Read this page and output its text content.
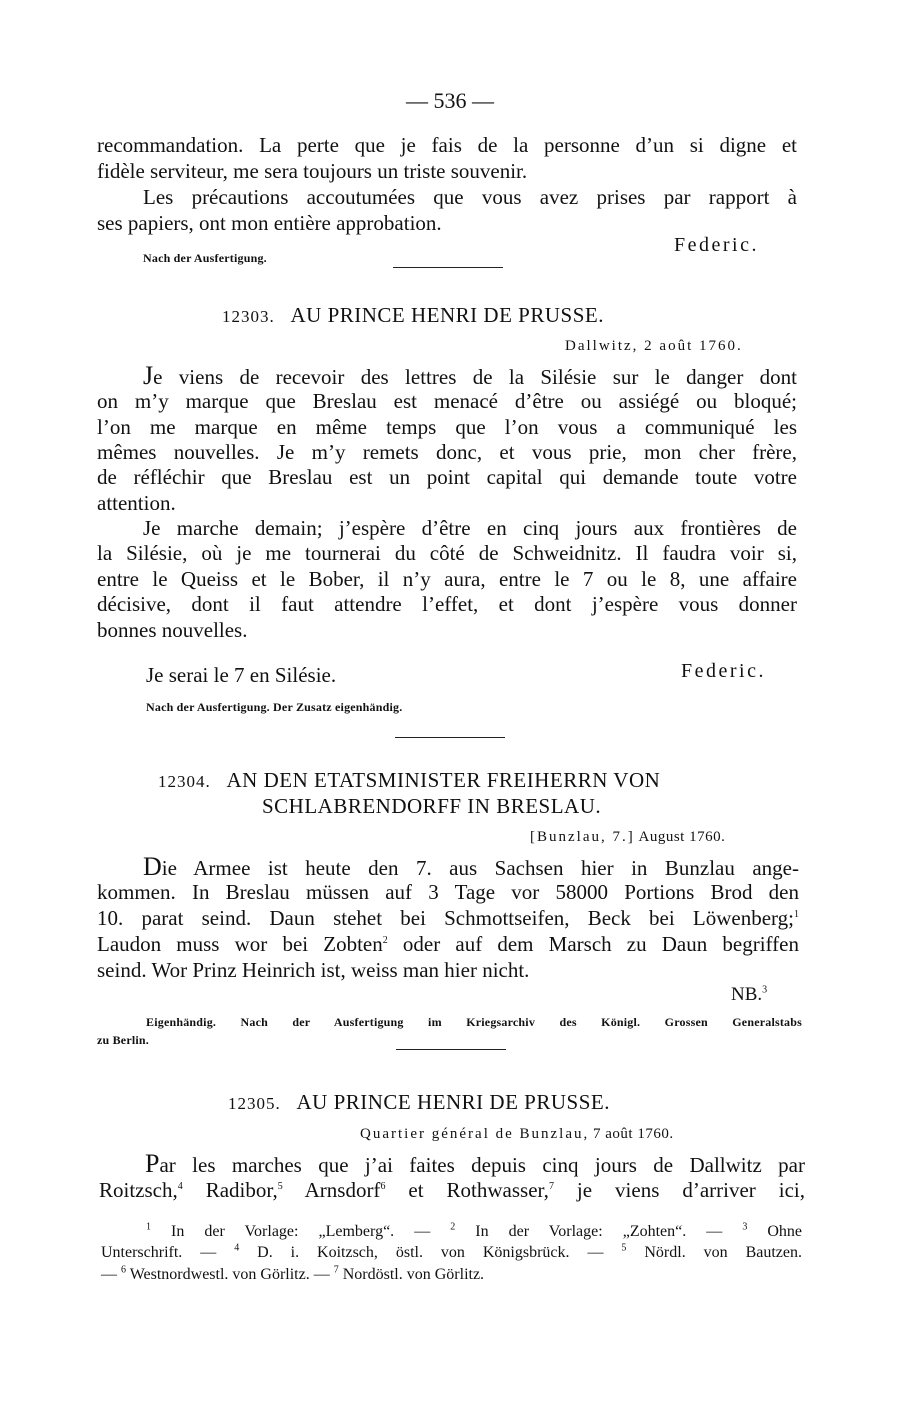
— 536 —
recommandation. La perte que je fais de la personne d’un si digne et
fidèle serviteur, me sera toujours un triste souvenir.
Les précautions accoutumées que vous avez prises par rapport à
ses papiers, ont mon entière approbation.
Nach der Ausfertigung.
Federic.
12303. AU PRINCE HENRI DE PRUSSE.
Dallwitz, 2 août 1760.
Je viens de recevoir des lettres de la Silésie sur le danger dont
on m’y marque que Breslau est menacé d’être ou assiégé ou bloqué;
l’on me marque en même temps que l’on vous a communiqué les
mêmes nouvelles. Je m’y remets donc, et vous prie, mon cher frère,
de réfléchir que Breslau est un point capital qui demande toute votre
attention.
Je marche demain; j’espère d’être en cinq jours aux frontières de
la Silésie, où je me tournerai du côté de Schweidnitz. Il faudra voir si,
entre le Queiss et le Bober, il n’y aura, entre le 7 ou le 8, une affaire
décisive, dont il faut attendre l’effet, et dont j’espère vous donner
bonnes nouvelles.
Je serai le 7 en Silésie.	Federic.
Nach der Ausfertigung. Der Zusatz eigenhändig.
12304. AN DEN ETATSMINISTER FREIHERRN VON
SCHLABRENDORFF IN BRESLAU.
[Bunzlau, 7.] August 1760.
Die Armee ist heute den 7. aus Sachsen hier in Bunzlau ange-
kommen. In Breslau müssen auf 3 Tage vor 58000 Portions Brod den
10. parat seind. Daun stehet bei Schmottseifen, Beck bei Löwenberg;$^1$
Laudon muss wor bei Zobten$^2$ oder auf dem Marsch zu Daun begriffen
seind. Wor Prinz Heinrich ist, weiss man hier nicht.
NB.$^3$
Eigenhändig. Nach der Ausfertigung im Kriegsarchiv des Königl. Grossen Generalstabs
zu Berlin.
12305. AU PRINCE HENRI DE PRUSSE.
Quartier général de Bunzlau, 7 août 1760.
Par les marches que j’ai faites depuis cinq jours de Dallwitz par
Roitzsch,$^4$ Radibor,$^5$ Arnsdorf$^6$ et Rothwasser,$^7$ je viens d’arriver ici,
$^1$ In der Vorlage: „Lemberg“. — $^2$ In der Vorlage: „Zohten“. — $^3$ Ohne
Unterschrift. — $^4$ D. i. Koitzsch, östl. von Königsbrück. — $^5$ Nördl. von Bautzen.
— $^6$ Westnordwestl. von Görlitz. — $^7$ Nordöstl. von Görlitz.
